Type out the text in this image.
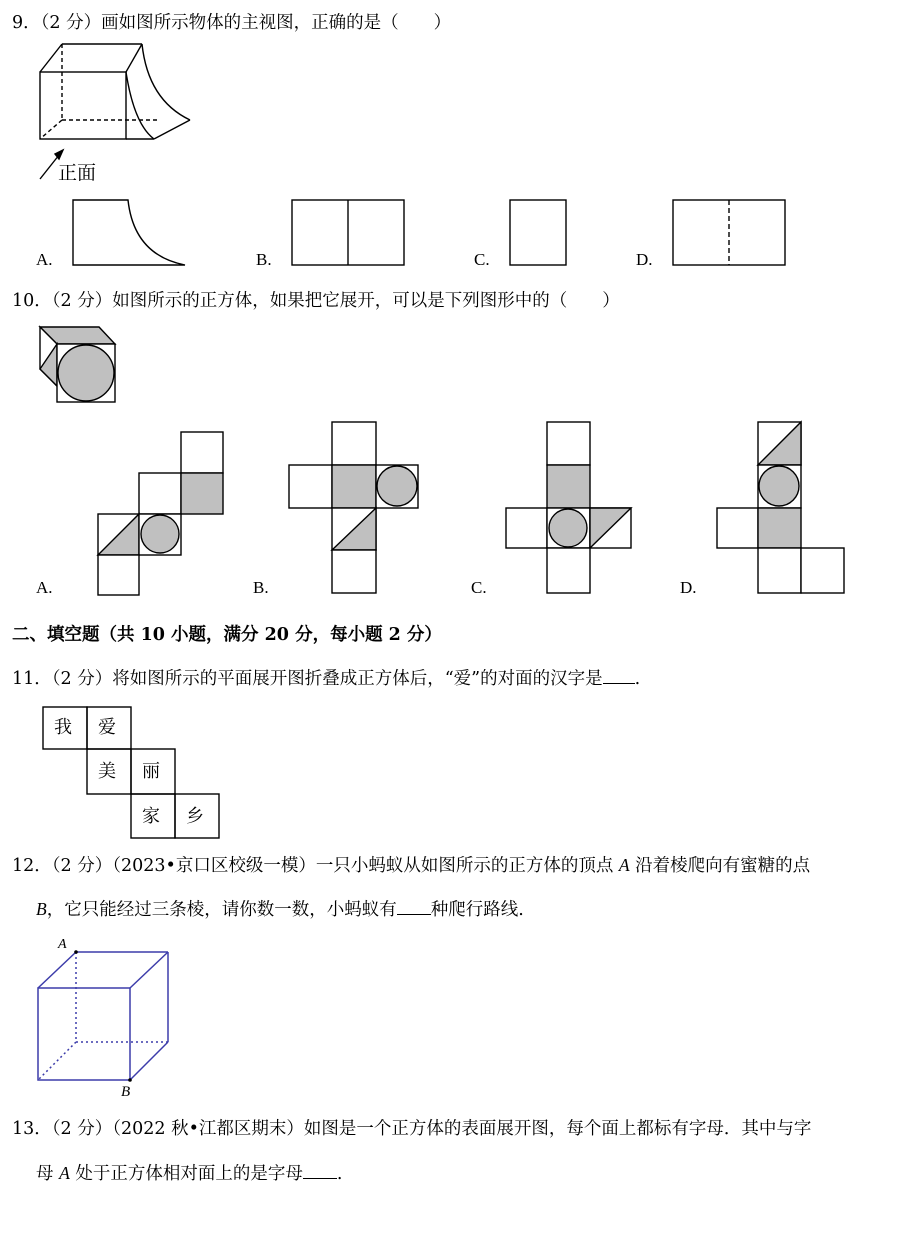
9．（2 分）画如图所示物体的主视图，正确的是（　　）
正面
A.	B.	C.	D.
10．（2 分）如图所示的正方体，如果把它展开，可以是下列图形中的（　　）
A.	B.	C.	D.
二、填空题（共 10 小题，满分 20 分，每小题 2 分）
11．（2 分）将如图所示的平面展开图折叠成正方体后，“爱”的对面的汉字是 .
我 爱
美 丽
家 乡
12．（2 分）（2023•京口区校级一模）一只小蚂蚁从如图所示的正方体的顶点 A 沿着棱爬向有蜜糖的点
B，它只能经过三条棱，请你数一数，小蚂蚁有 种爬行路线.
A
B
13．（2 分）（2022 秋•江都区期末）如图是一个正方体的表面展开图，每个面上都标有字母．其中与字
母 A 处于正方体相对面上的是字母 .
